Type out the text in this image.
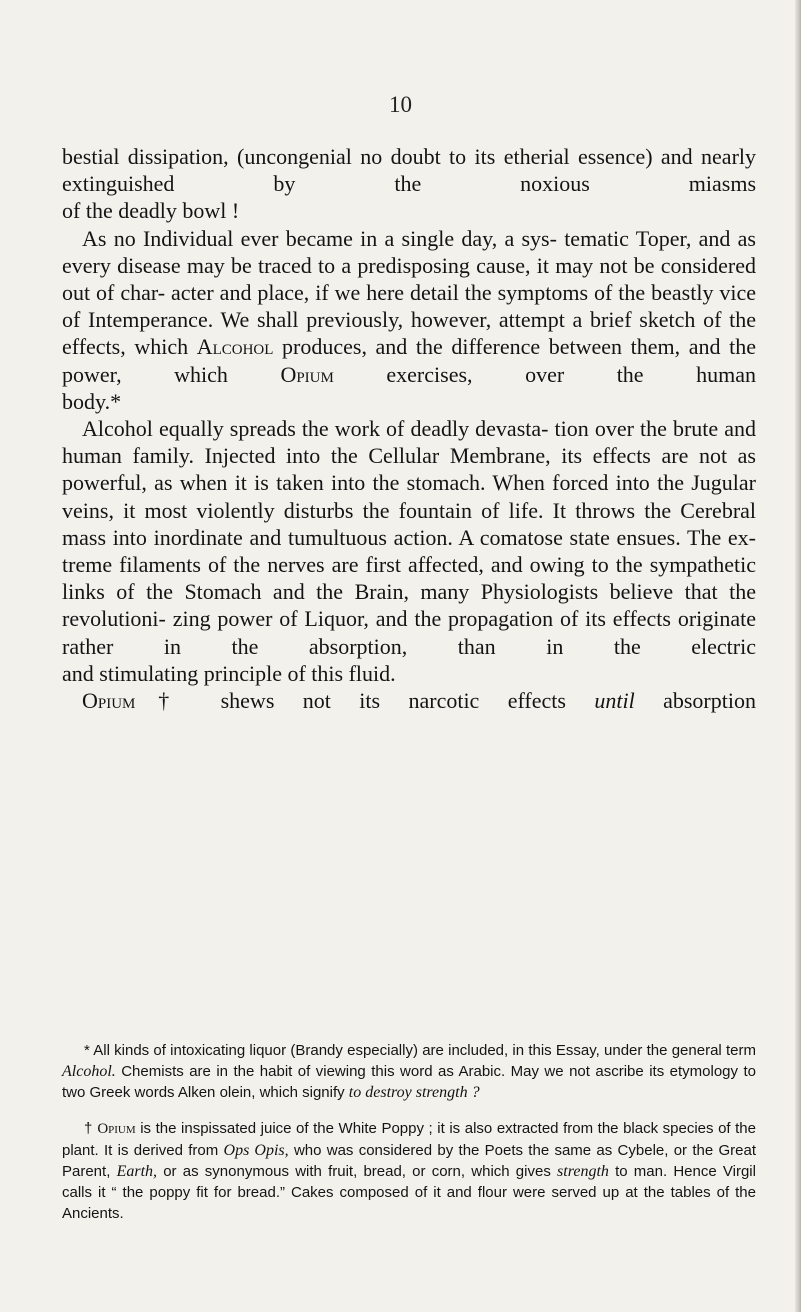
10

bestial dissipation, (uncongenial no doubt to its etherial essence) and nearly extinguished by the noxious miasms

of the deadly bowl !

As no Individual ever became in a single day, a sys- tematic Toper, and as every disease may be traced to a predisposing cause, it may not be considered out of char- acter and place, if we here detail the symptoms of the beastly vice of Intemperance. We shall previously, however, attempt a brief sketch of the effects, which Alcohol produces, and the difference between them, and the power, which Opium exercises, over the human

body.*

Alcohol equally spreads the work of deadly devasta- tion over the brute and human family. Injected into the Cellular Membrane, its effects are not as powerful, as when it is taken into the stomach. When forced into the Jugular veins, it most violently disturbs the fountain of life. It throws the Cerebral mass into inordinate and tumultuous action. A comatose state ensues. The ex- treme filaments of the nerves are first affected, and owing to the sympathetic links of the Stomach and the Brain, many Physiologists believe that the revolutioni- zing power of Liquor, and the propagation of its effects originate rather in the absorption, than in the electric

and stimulating principle of this fluid.

Opium† shews not its narcotic effects until absorption

* All kinds of intoxicating liquor (Brandy especially) are included, in this Essay, under the general term Alcohol. Chemists are in the habit of viewing this word as Arabic. May we not ascribe its etymology to two Greek words Alken olein, which signify to destroy strength ?

† Opium is the inspissated juice of the White Poppy ; it is also extracted from the black species of the plant. It is derived from Ops Opis, who was considered by the Poets the same as Cybele, or the Great Parent, Earth, or as synonymous with fruit, bread, or corn, which gives strength to man. Hence Virgil calls it “ the poppy fit for bread.” Cakes composed of it and flour were served up at the tables of the Ancients.
